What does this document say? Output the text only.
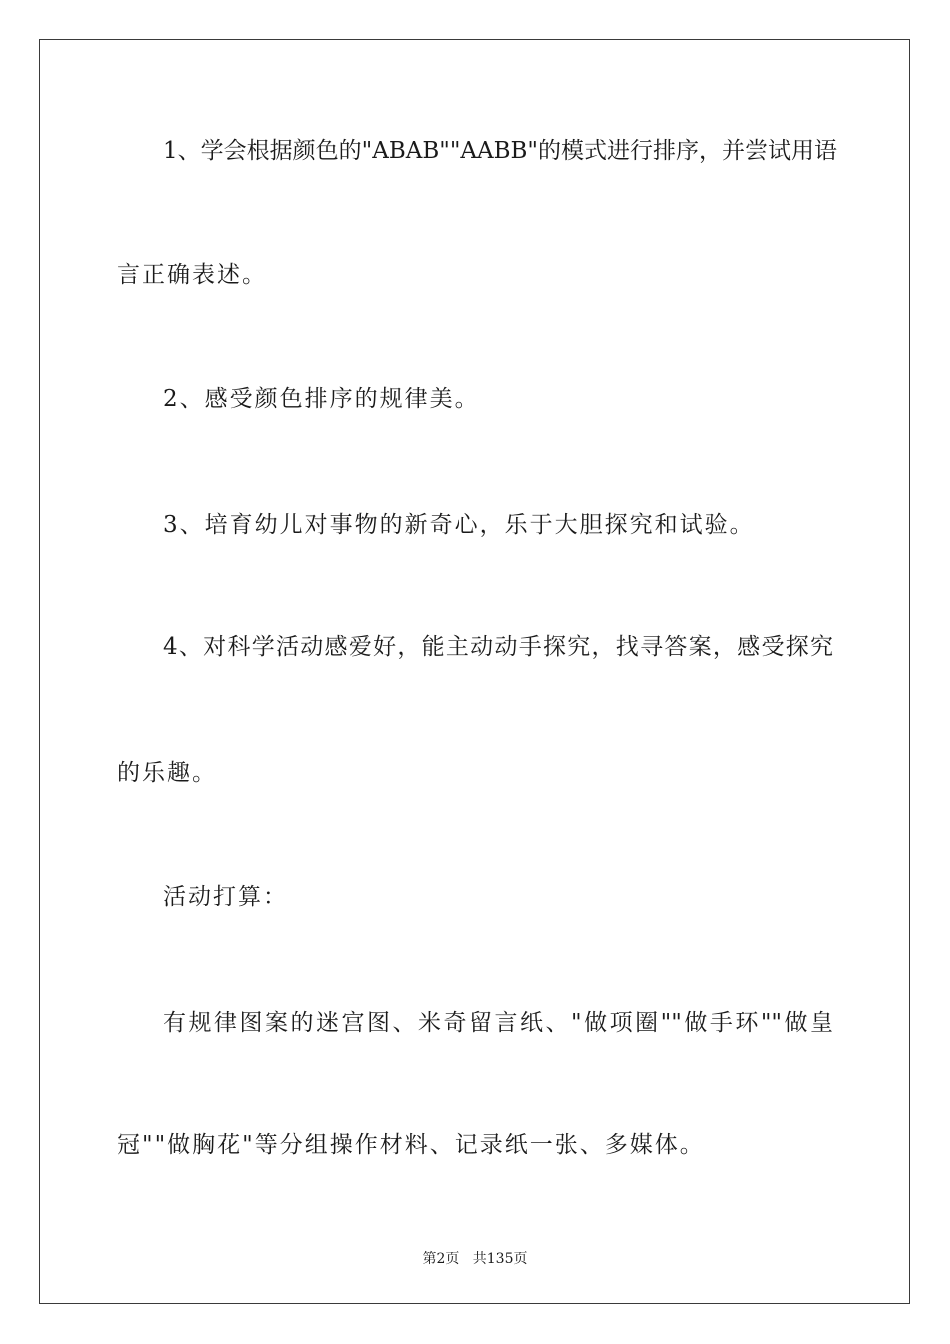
1、学会根据颜色的"ABAB""AABB"的模式进行排序，并尝试用语
言正确表述。
2、感受颜色排序的规律美。
3、培育幼儿对事物的新奇心，乐于大胆探究和试验。
4、对科学活动感爱好，能主动动手探究，找寻答案，感受探究
的乐趣。
活动打算：
有规律图案的迷宫图、米奇留言纸、"做项圈""做手环""做皇
冠""做胸花"等分组操作材料、记录纸一张、多媒体。
第2页 共135页
